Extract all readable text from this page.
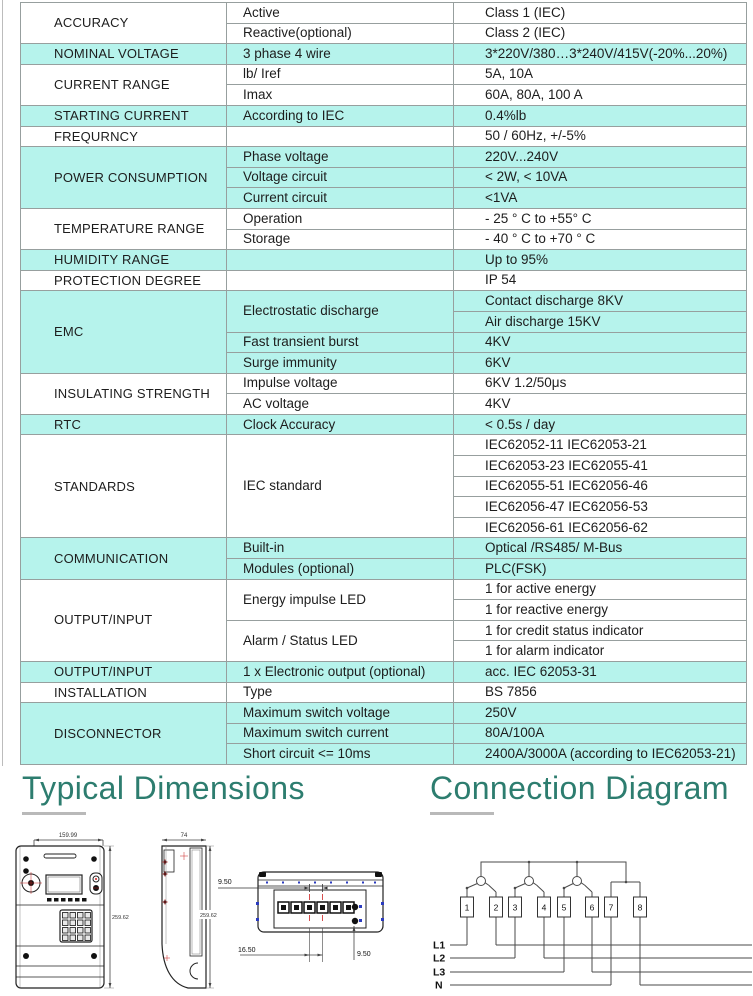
ACCURACY	Active	Class 1 (IEC)
	Reactive(optional)	Class 2 (IEC)
NOMINAL VOLTAGE	3 phase 4 wire	3*220V/380…3*240V/415V(-20%...20%)
CURRENT RANGE	lb/ Iref	5A, 10A
	Imax	60A, 80A, 100 A
STARTING CURRENT	According to IEC	0.4%lb
FREQURNCY		50 / 60Hz, +/-5%
POWER CONSUMPTION	Phase voltage	220V...240V
	Voltage circuit	< 2W, < 10VA
	Current circuit	<1VA
TEMPERATURE RANGE	Operation	- 25 ° C to +55° C
	Storage	- 40 ° C to +70 ° C
HUMIDITY RANGE		Up to 95%
PROTECTION DEGREE		IP 54
EMC	Electrostatic discharge	Contact discharge 8KV
		Air discharge 15KV
	Fast transient burst	4KV
	Surge immunity	6KV
INSULATING STRENGTH	Impulse voltage	6KV 1.2/50μs
	AC voltage	4KV
RTC	Clock Accuracy	< 0.5s / day
STANDARDS	IEC standard	IEC62052-11 IEC62053-21
		IEC62053-23 IEC62055-41
		IEC62055-51 IEC62056-46
		IEC62056-47 IEC62056-53
		IEC62056-61 IEC62056-62
COMMUNICATION	Built-in	Optical /RS485/ M-Bus
	Modules (optional)	PLC(FSK)
OUTPUT/INPUT	Energy impulse LED	1 for active energy
		1 for reactive energy
	Alarm / Status LED	1 for credit status indicator
		1 for alarm indicator
OUTPUT/INPUT	1 x Electronic output (optional)	acc. IEC 62053-31
INSTALLATION	Type	BS 7856
DISCONNECTOR	Maximum switch voltage	250V
	Maximum switch current	80A/100A
	Short circuit <= 10ms	2400A/3000A (according to IEC62053-21)
Typical Dimensions	Connection Diagram
159.99
259.62
74
259.62
9.50
16.50
9.50
1	2 3	4 5	6 7	8
L1
L2
L3
N
